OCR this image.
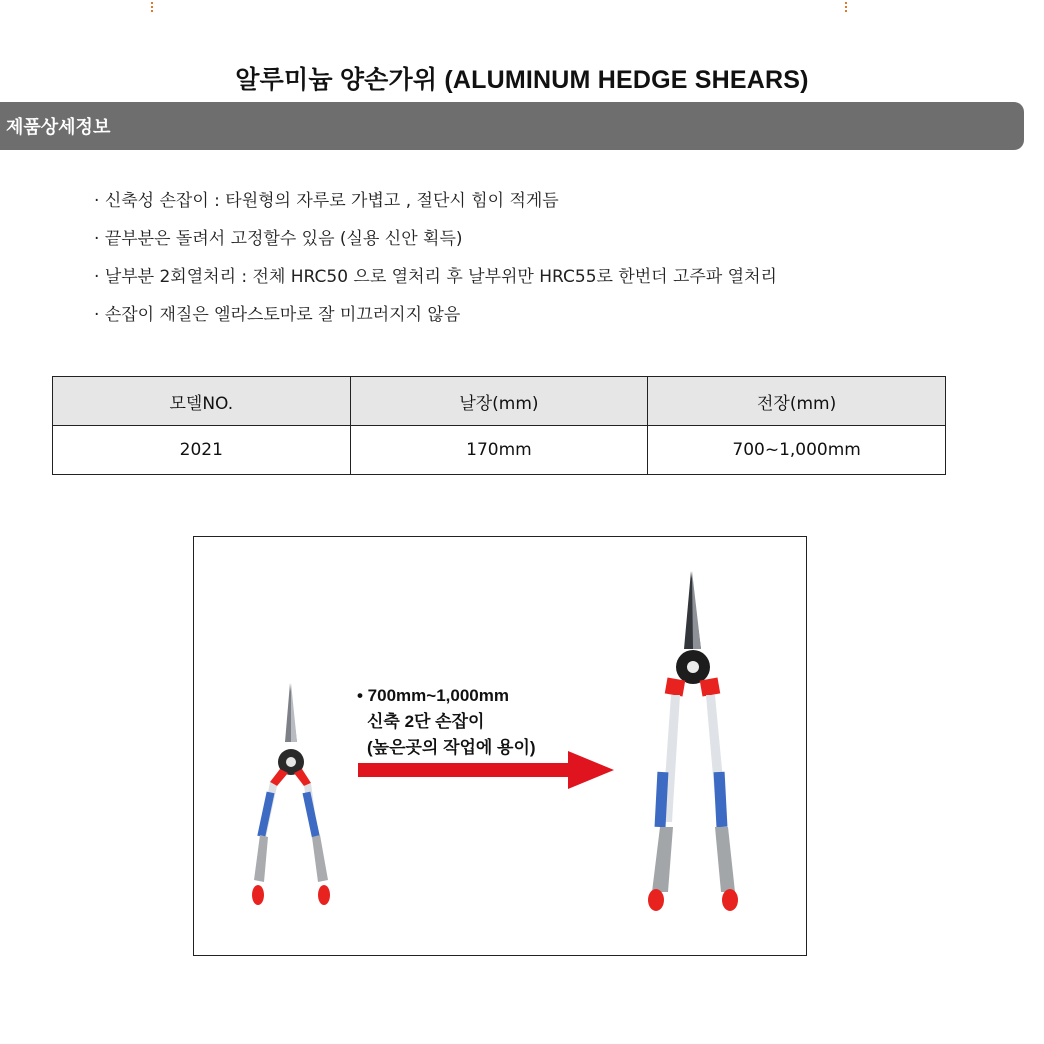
알루미늄 양손가위 (ALUMINUM HEDGE SHEARS)
제품상세정보
· 신축성 손잡이 : 타원형의 자루로 가볍고 , 절단시 힘이 적게듬
· 끝부분은 돌려서 고정할수 있음 (실용 신안 획득)
· 날부분 2회열처리 : 전체 HRC50 으로 열처리 후 날부위만 HRC55로 한번더 고주파 열처리
· 손잡이 재질은 엘라스토마로 잘 미끄러지지 않음
모델NO.	날장(mm)	전장(mm)
2021	170mm	700~1,000mm
• 700mm~1,000mm
신축 2단 손잡이
(높은곳의 작업에 용이)
